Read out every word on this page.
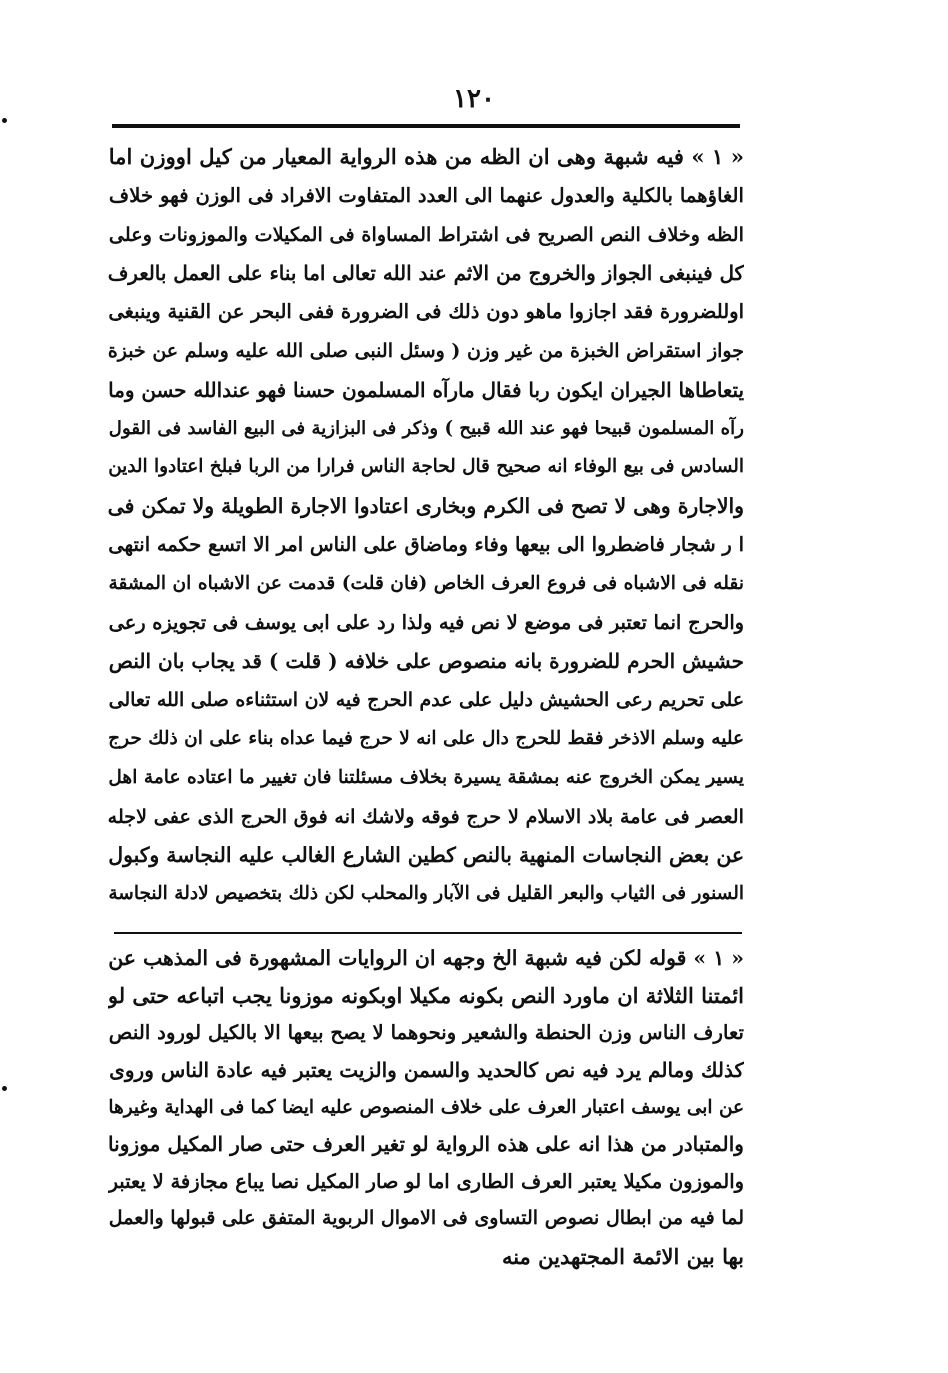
١٢٠
« ١ » فيه شبهة وهى ان الظه من هذه الرواية المعيار من كيل اووزن اما
الغاؤهما بالكلية والعدول عنهما الى العدد المتفاوت الافراد فى الوزن فهو خلاف
الظه وخلاف النص الصريح فى اشتراط المساواة فى المكيلات والموزونات وعلى
كل فينبغى الجواز والخروج من الاثم عند الله تعالى اما بناء على العمل بالعرف
اوللضرورة فقد اجازوا ماهو دون ذلك فى الضرورة ففى البحر عن القنية وينبغى
جواز استقراض الخبزة من غير وزن ( وسئل النبى صلى الله عليه وسلم عن خبزة
يتعاطاها الجيران ايكون ربا فقال مارآه المسلمون حسنا فهو عندالله حسن وما
رآه المسلمون قبيحا فهو عند الله قبيح ) وذكر فى البزازية فى البيع الفاسد فى القول
السادس فى بيع الوفاء انه صحيح قال لحاجة الناس فرارا من الربا فبلخ اعتادوا الدين
والاجارة وهى لا تصح فى الكرم وبخارى اعتادوا الاجارة الطويلة ولا تمكن فى
ا ر شجار فاضطروا الى بيعها وفاء وماضاق على الناس امر الا اتسع حكمه انتهى
نقله فى الاشباه فى فروع العرف الخاص (فان قلت) قدمت عن الاشباه ان المشقة
والحرج انما تعتبر فى موضع لا نص فيه ولذا رد على ابى يوسف فى تجويزه رعى
حشيش الحرم للضرورة بانه منصوص على خلافه ( قلت ) قد يجاب بان النص
على تحريم رعى الحشيش دليل على عدم الحرج فيه لان استثناءه صلى الله تعالى
عليه وسلم الاذخر فقط للحرج دال على انه لا حرج فيما عداه بناء على ان ذلك حرج
يسير يمكن الخروج عنه بمشقة يسيرة بخلاف مسئلتنا فان تغيير ما اعتاده عامة اهل
العصر فى عامة بلاد الاسلام لا حرج فوقه ولاشك انه فوق الحرج الذى عفى لاجله
عن بعض النجاسات المنهية بالنص كطين الشارع الغالب عليه النجاسة وكبول
السنور فى الثياب والبعر القليل فى الآبار والمحلب لكن ذلك بتخصيص لادلة النجاسة
« ١ » قوله لكن فيه شبهة الخ وجهه ان الروايات المشهورة فى المذهب عن
ائمتنا الثلاثة ان ماورد النص بكونه مكيلا اوبكونه موزونا يجب اتباعه حتى لو
تعارف الناس وزن الحنطة والشعير ونحوهما لا يصح بيعها الا بالكيل لورود النص
كذلك ومالم يرد فيه نص كالحديد والسمن والزيت يعتبر فيه عادة الناس وروى
عن ابى يوسف اعتبار العرف على خلاف المنصوص عليه ايضا كما فى الهداية وغيرها
والمتبادر من هذا انه على هذه الرواية لو تغير العرف حتى صار المكيل موزونا
والموزون مكيلا يعتبر العرف الطارى اما لو صار المكيل نصا يباع مجازفة لا يعتبر
لما فيه من ابطال نصوص التساوى فى الاموال الربوية المتفق على قبولها والعمل
بها بين الائمة المجتهدين منه
